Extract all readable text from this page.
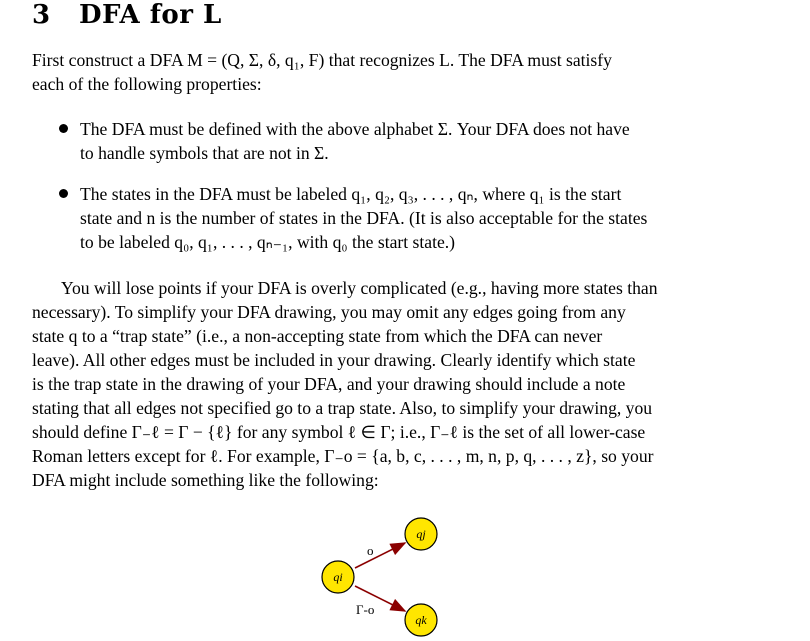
3 DFA for L
First construct a DFA M = (Q, Σ, δ, q₁, F) that recognizes L. The DFA must satisfy
each of the following properties:
The DFA must be defined with the above alphabet Σ. Your DFA does not have
to handle symbols that are not in Σ.
The states in the DFA must be labeled q₁, q₂, q₃, . . . , qₙ, where q₁ is the start
state and n is the number of states in the DFA. (It is also acceptable for the states
to be labeled q₀, q₁, . . . , qₙ₋₁, with q₀ the start state.)
You will lose points if your DFA is overly complicated (e.g., having more states than
necessary). To simplify your DFA drawing, you may omit any edges going from any
state q to a “trap state” (i.e., a non-accepting state from which the DFA can never
leave). All other edges must be included in your drawing. Clearly identify which state
is the trap state in the drawing of your DFA, and your drawing should include a note
stating that all edges not specified go to a trap state. Also, to simplify your drawing, you
should define Γ₋ℓ = Γ − {ℓ} for any symbol ℓ ∈ Γ; i.e., Γ₋ℓ is the set of all lower-case
Roman letters except for ℓ. For example, Γ₋o = {a, b, c, . . . , m, n, p, q, . . . , z}, so your
DFA might include something like the following:
o
Γ-o
qi
qj
qk
